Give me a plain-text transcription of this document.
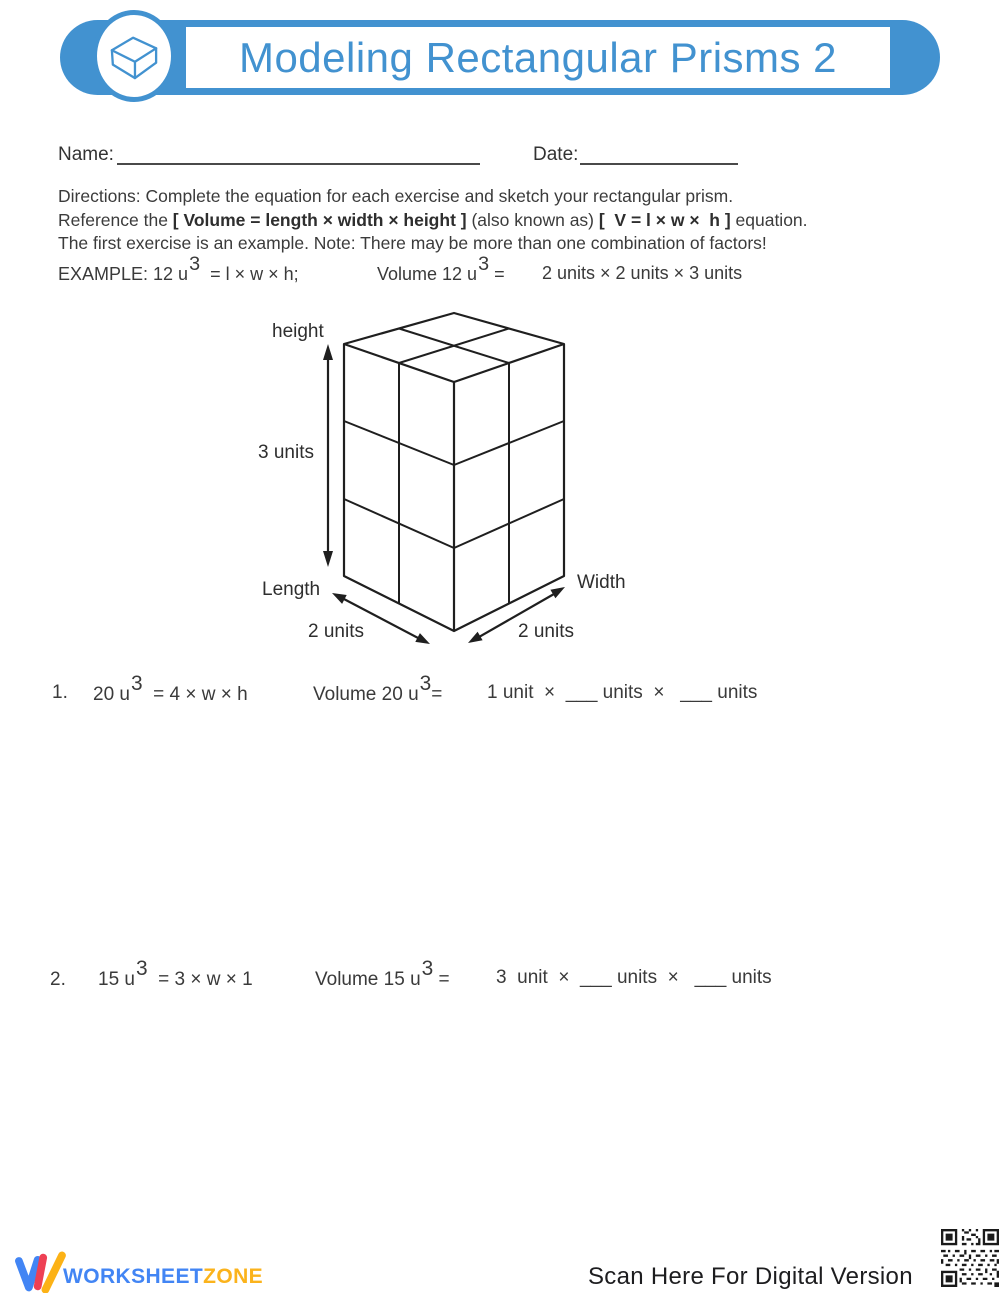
Modeling Rectangular Prisms 2
Name:	Date:
Directions: Complete the equation for each exercise and sketch your rectangular prism.
Reference the [ Volume = length × width × height ] (also known as) [  V = l × w ×  h ] equation.
The first exercise is an example. Note: There may be more than one combination of factors!
EXAMPLE: 12 u3  = l × w × h;	Volume 12 u3 = 2 units × 2 units × 3 units
height
3 units
Length
2 units
Width
2 units
1. 20 u3  = 4 × w × h	Volume 20 u3= 1 unit  ×  ___ units  ×   ___ units
2. 15 u3  = 3 × w × 1	Volume 15 u3 = 3  unit  ×  ___ units  ×   ___ units
WORKSHEETZONE	Scan Here For Digital Version
